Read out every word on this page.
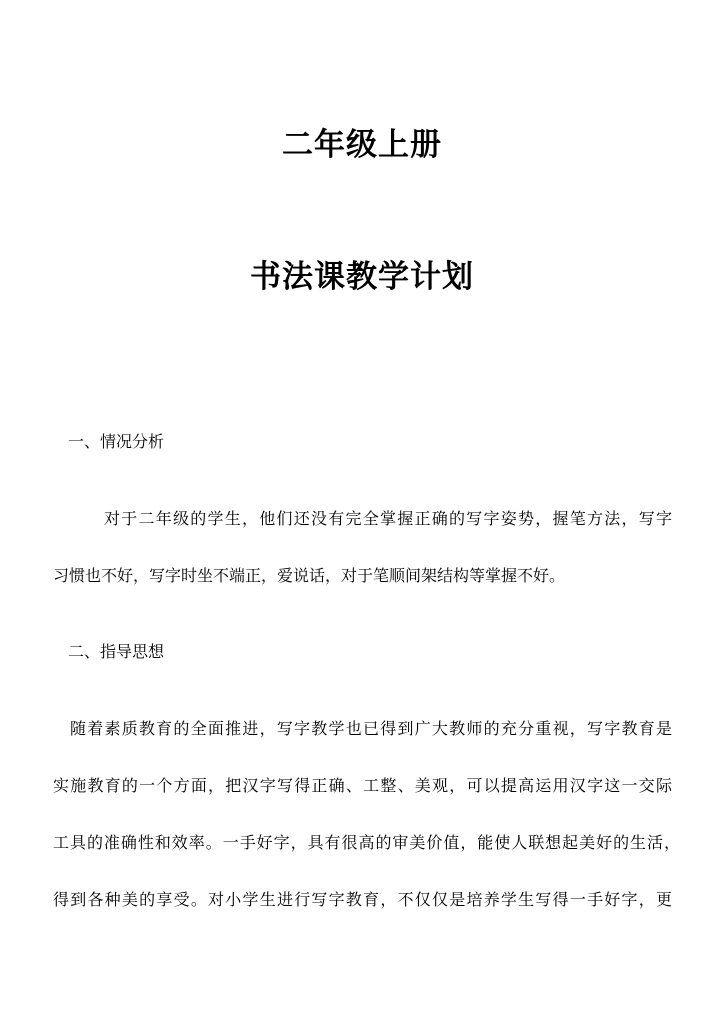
二年级上册
书法课教学计划
一、情况分析
对于二年级的学生，他们还没有完全掌握正确的写字姿势，握笔方法，写字
习惯也不好，写字时坐不端正，爱说话，对于笔顺间架结构等掌握不好。
二、指导思想
随着素质教育的全面推进，写字教学也已得到广大教师的充分重视，写字教育是
实施教育的一个方面，把汉字写得正确、工整、美观，可以提高运用汉字这一交际
工具的准确性和效率。一手好字，具有很高的审美价值，能使人联想起美好的生活，
得到各种美的享受。对小学生进行写字教育，不仅仅是培养学生写得一手好字，更
